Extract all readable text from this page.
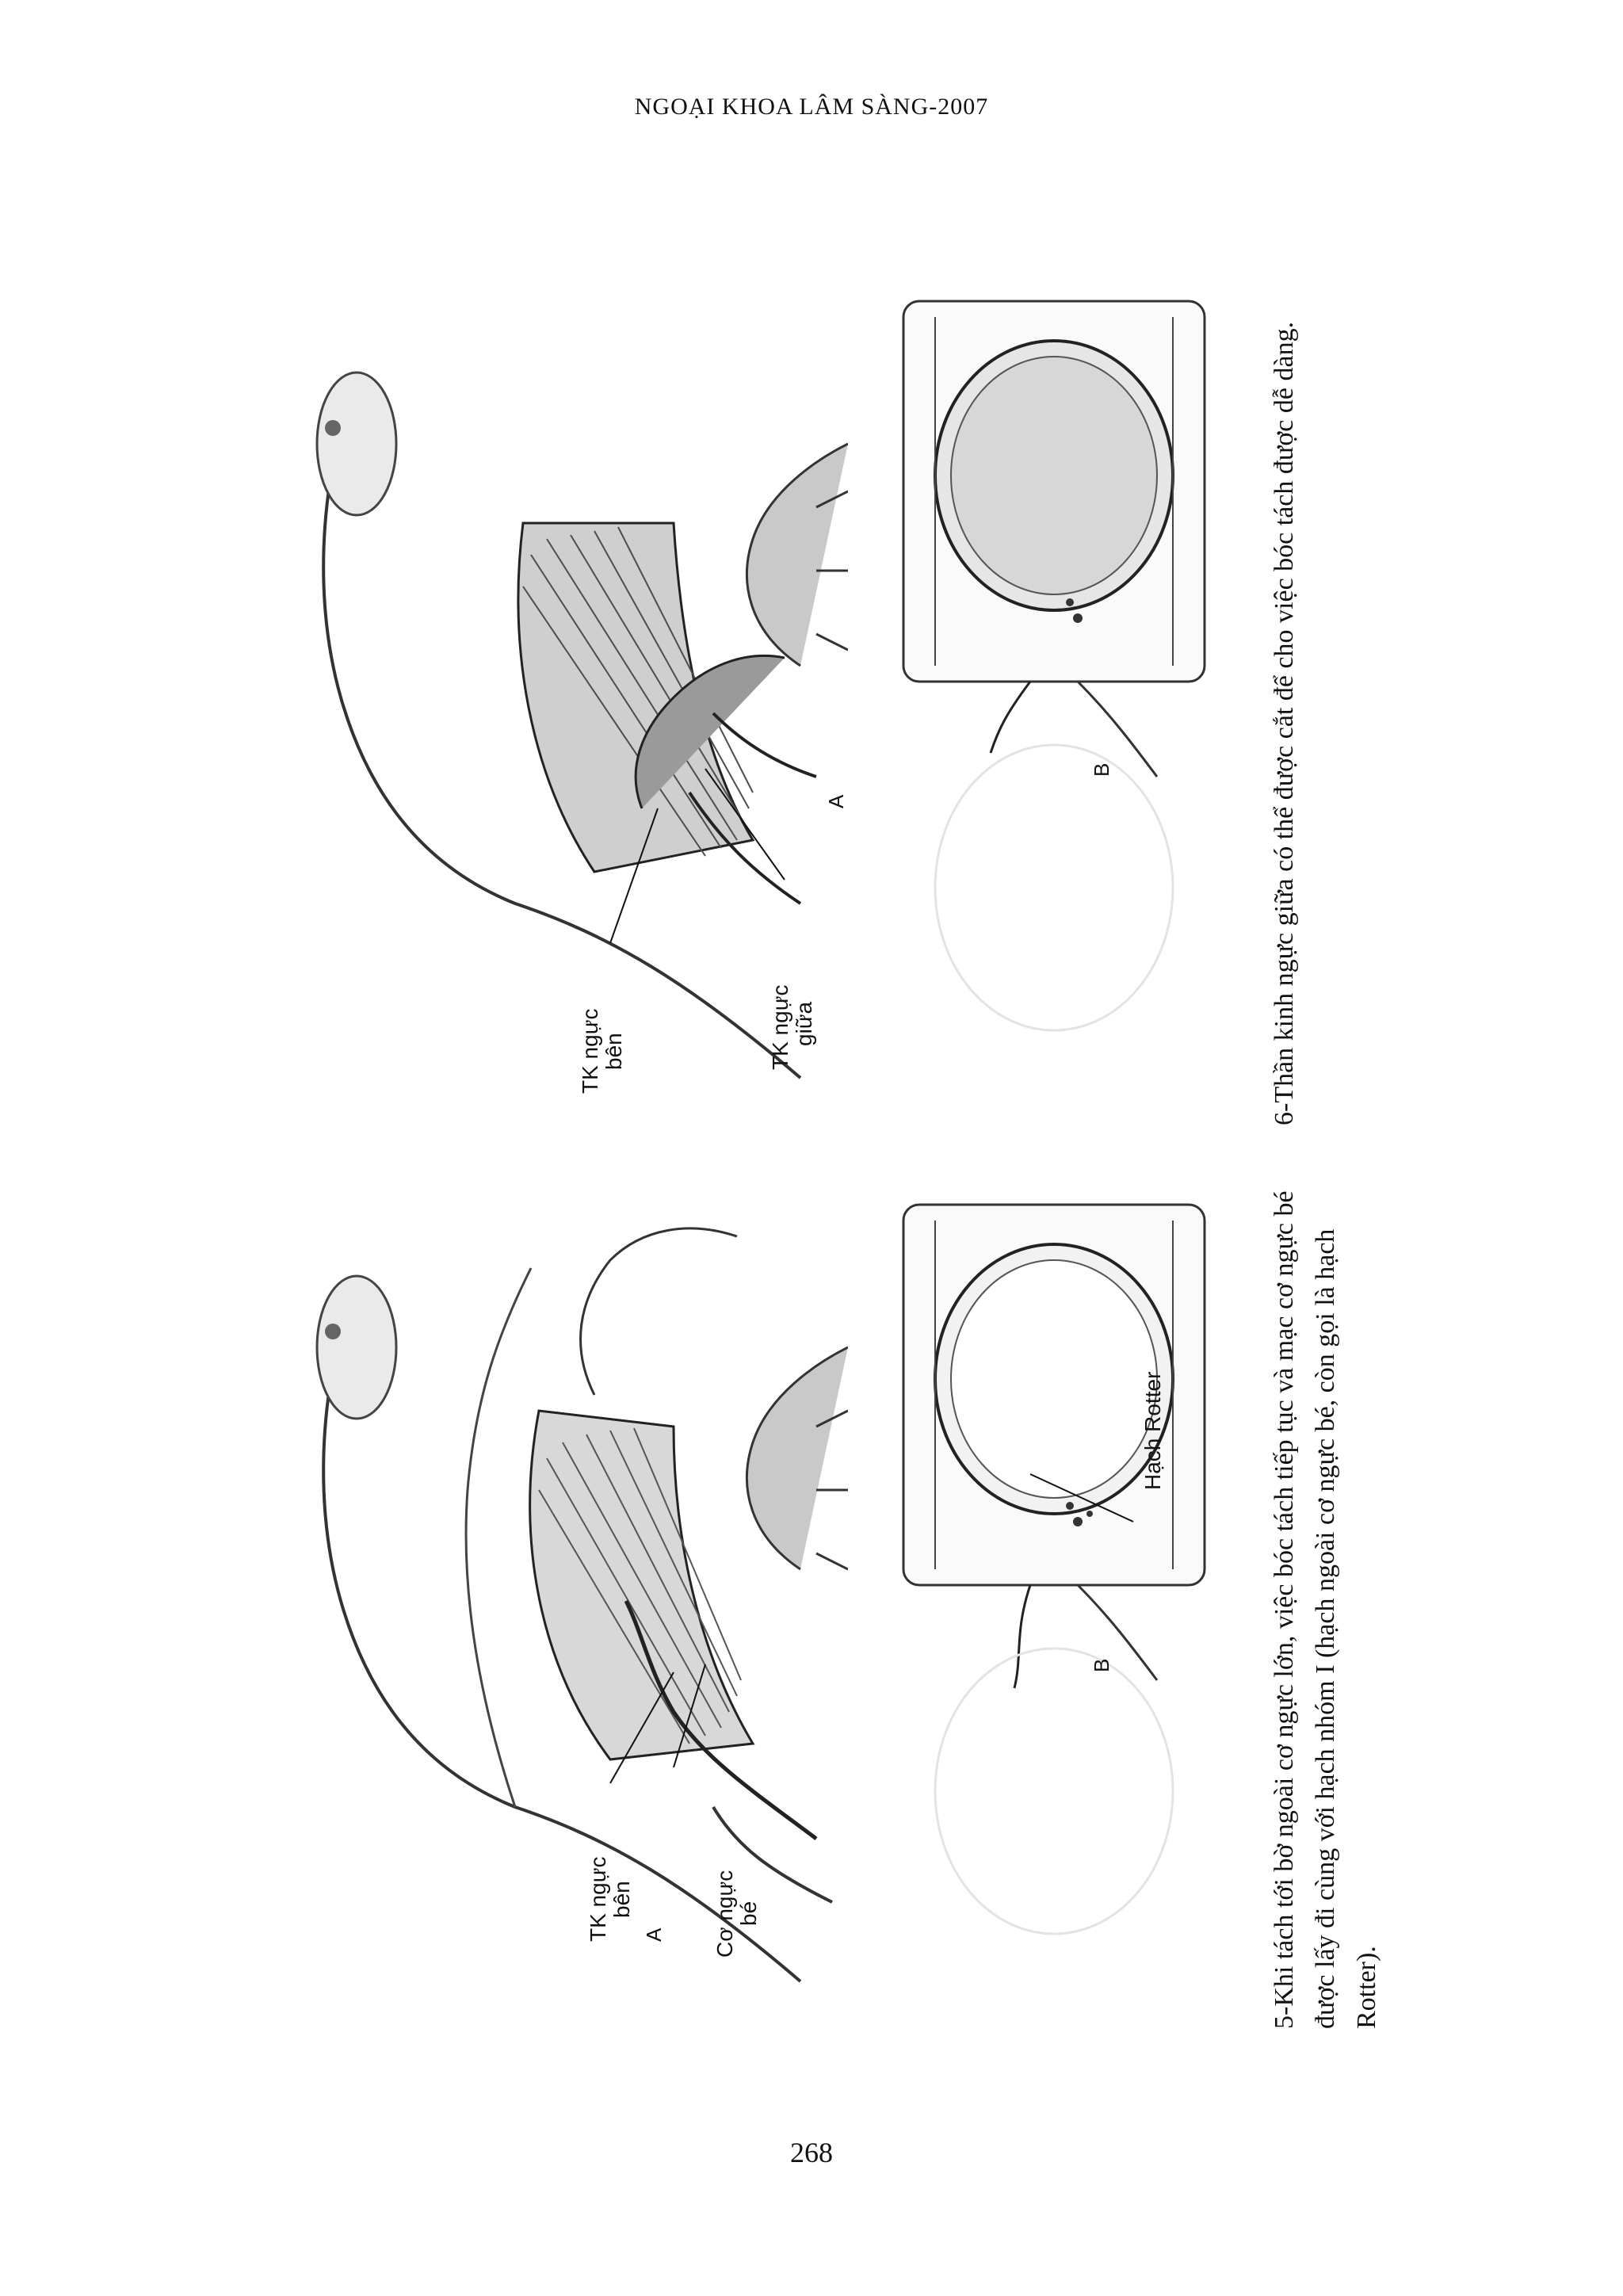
NGOẠI KHOA LÂM SÀNG-2007
A
TK ngực bên	Cơ ngực bé
B
Hạch Rotter	5-Khi tách tới bờ ngoài cơ ngực lớn, việc bóc tách tiếp tục và mạc cơ ngực bé được lấy đi cùng với hạch nhóm I (hạch ngoài cơ ngực bé, còn gọi là hạch Rotter).
TK ngực bên	TK ngực giữa
A
B	6-Thần kinh ngực giữa có thể được cắt để cho việc bóc tách được dễ dàng.
268
